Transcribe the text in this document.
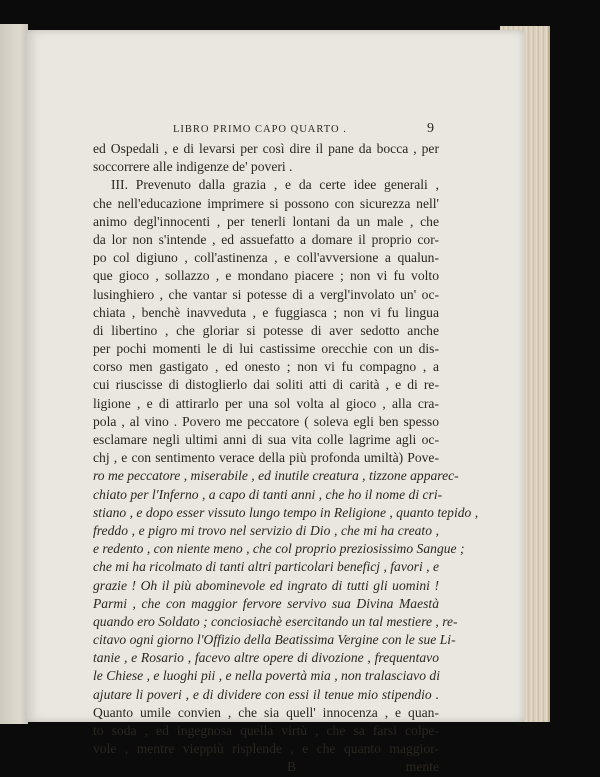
LIBRO PRIMO CAPO QUARTO .	9
ed Ospedali , e di levarsi per così dire il pane da bocca , per
soccorrere alle indigenze de' poveri .
III. Prevenuto dalla grazia , e da certe idee generali ,
che nell'educazione imprimere si possono con sicurezza nell'
animo degl'innocenti , per tenerli lontani da un male , che
da lor non s'intende , ed assuefatto a domare il proprio cor-
po col digiuno , coll'astinenza , e coll'avversione a qualun-
que gioco , sollazzo , e mondano piacere ; non vi fu volto
lusinghiero , che vantar si potesse di a vergl'involato un' oc-
chiata , benchè inavveduta , e fuggiasca ; non vi fu lingua
di libertino , che gloriar si potesse di aver sedotto anche
per pochi momenti le di lui castissime orecchie con un dis-
corso men gastigato , ed onesto ; non vi fu compagno , a
cui riuscisse di distoglierlo dai soliti atti di carità , e di re-
ligione , e di attirarlo per una sol volta al gioco , alla cra-
pola , al vino . Povero me peccatore ( soleva egli ben spesso
esclamare negli ultimi anni di sua vita colle lagrime agli oc-
chj , e con sentimento verace della più profonda umiltà) Pove-
ro me peccatore , miserabile , ed inutile creatura , tizzone apparec-
chiato per l'Inferno , a capo di tanti anni , che ho il nome di cri-
stiano , e dopo esser vissuto lungo tempo in Religione , quanto tepido ,
freddo , e pigro mi trovo nel servizio di Dio , che mi ha creato ,
e redento , con niente meno , che col proprio preziosissimo Sangue ;
che mi ha ricolmato di tanti altri particolari beneficj , favori , e
grazie ! Oh il più abominevole ed ingrato di tutti gli uomini !
Parmi , che con maggior fervore servivo sua Divina Maestà
quando ero Soldato ; conciosiachè esercitando un tal mestiere , re-
citavo ogni giorno l'Offizio della Beatissima Vergine con le sue Li-
tanie , e Rosario , facevo altre opere di divozione , frequentavo
le Chiese , e luoghi pii , e nella povertà mia , non tralasciavo di
ajutare li poveri , e di dividere con essi il tenue mio stipendio .
Quanto umile convien , che sia quell' innocenza , e quan-
to soda , ed ingegnosa quella virtù , che sa farsi colpe-
vole , mentre vieppiù risplende , e che quanto maggior-
B	mente
